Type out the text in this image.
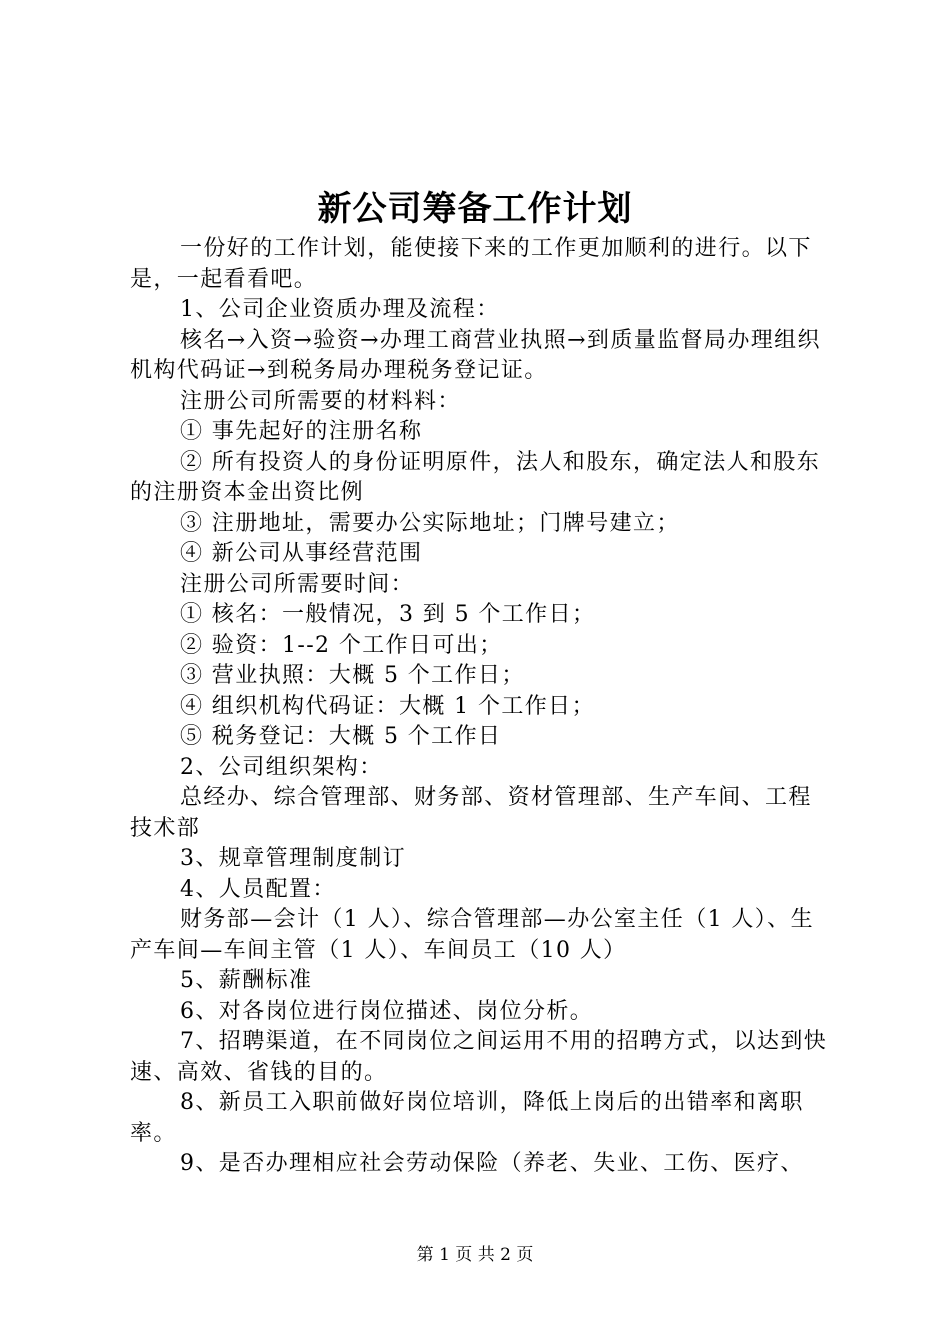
新公司筹备工作计划

一份好的工作计划，能使接下来的工作更加顺利的进行。以下是，一起看看吧。

1、公司企业资质办理及流程：

核名→入资→验资→办理工商营业执照→到质量监督局办理组织机构代码证→到税务局办理税务登记证。

注册公司所需要的材料料：

① 事先起好的注册名称

② 所有投资人的身份证明原件，法人和股东，确定法人和股东的注册资本金出资比例

③ 注册地址，需要办公实际地址；门牌号建立；

④ 新公司从事经营范围

注册公司所需要时间：

① 核名：一般情况，3 到 5 个工作日；

② 验资：1--2 个工作日可出；

③ 营业执照：大概 5 个工作日；

④ 组织机构代码证：大概 1 个工作日；

⑤ 税务登记：大概 5 个工作日

2、公司组织架构：

总经办、综合管理部、财务部、资材管理部、生产车间、工程技术部

3、规章管理制度制订

4、人员配置：

财务部—会计（1 人）、综合管理部—办公室主任（1 人）、生产车间—车间主管（1 人）、车间员工（10 人）

5、薪酬标准

6、对各岗位进行岗位描述、岗位分析。

7、招聘渠道，在不同岗位之间运用不用的招聘方式，以达到快速、高效、省钱的目的。

8、新员工入职前做好岗位培训，降低上岗后的出错率和离职率。

9、是否办理相应社会劳动保险（养老、失业、工伤、医疗、

第 1 页 共 2 页
